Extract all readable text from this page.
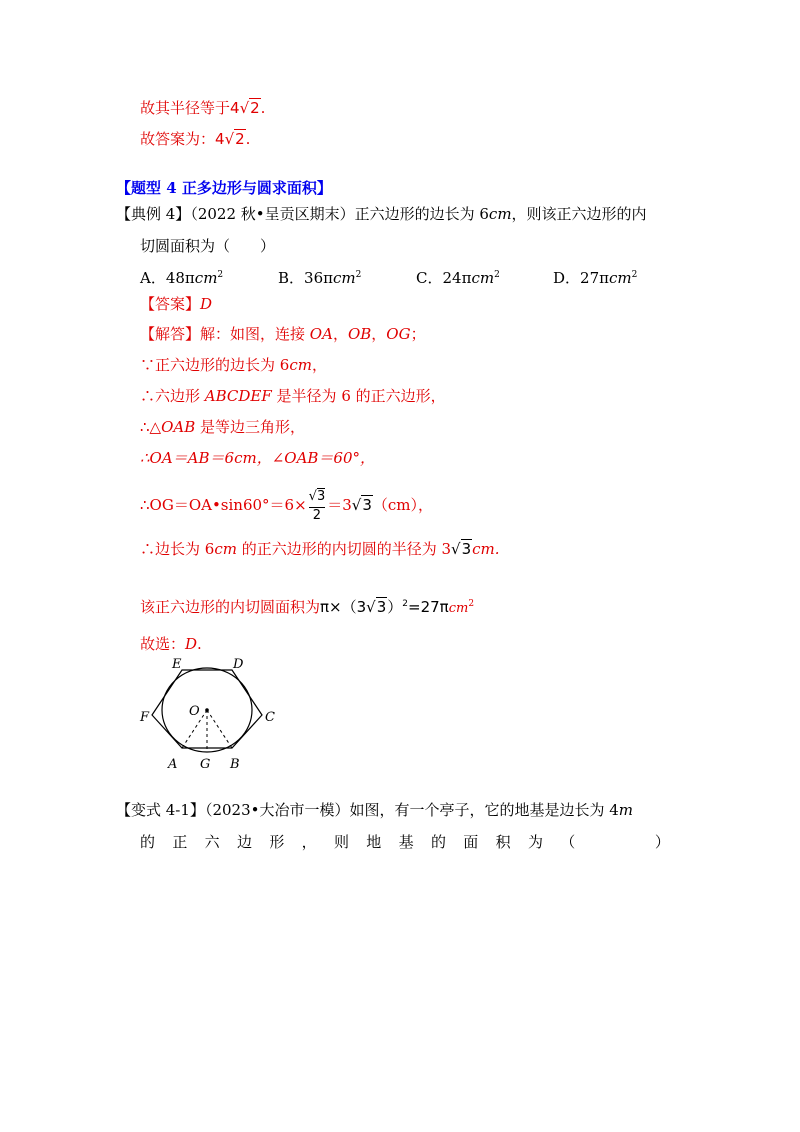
故其半径等于4√2.
故答案为：4√2.
【题型 4 正多边形与圆求面积】
【典例 4】（2022 秋•呈贡区期末）正六边形的边长为 6cm，则该正六边形的内
切圆面积为（　　）
A．48πcm$^2$	B．36πcm$^2$	C．24πcm$^2$	D．27πcm$^2$
【答案】D
【解答】解：如图，连接 OA，OB，OG；
∵正六边形的边长为 6cm，
∴六边形 ABCDEF 是半径为 6 的正六边形，
∴△OAB 是等边三角形，
∴OA＝AB＝6cm，∠OAB＝60°，
∴OG＝OA•sin60°＝6× $\frac{√3}{2} =3√3(cm)$，
∴边长为 6cm 的正六边形的内切圆的半径为 3√3cm.
该正六边形的内切圆面积为$\pi\times(3√3)^2=27\pi cm^2$
故选：D.
E	D
F	C
O
A G B
【变式 4-1】（2023•大冶市一模）如图，有一个亭子，它的地基是边长为 4m
的 正 六 边 形 ， 则 地 基 的 面 积 为 （
　　	　）
